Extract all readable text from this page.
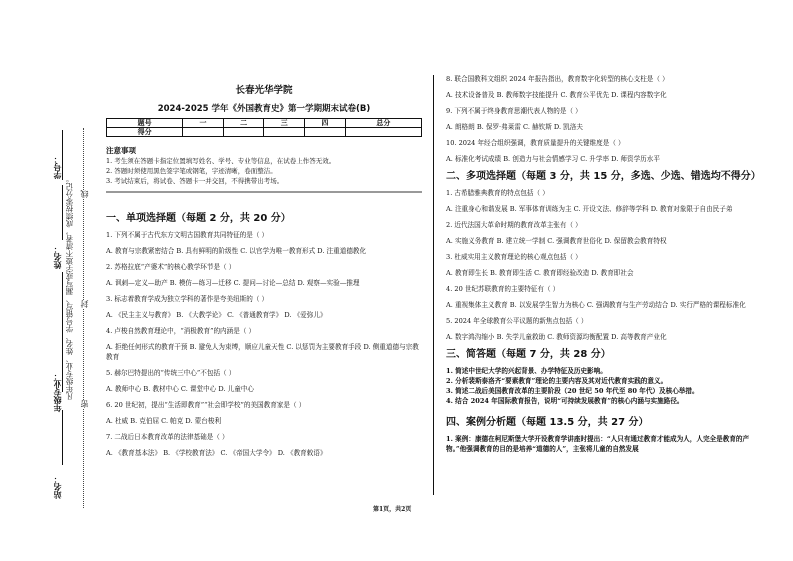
学号：
姓名：
年级专业：
站名：
凡年级专业、姓名、学号错写、漏写或字迹不清者，成绩按零分记。 线
封
密
长春光华学院
2024-2025 学年《外国教育史》第一学期期末试卷(B)
题号	一	二	三	四	总分
得分					
注意事项
1. 考生须在答题卡指定位置填写姓名、学号、专业等信息，在试卷上作答无效。
2. 答题时须使用黑色签字笔或钢笔，字迹清晰，卷面整洁。
3. 考试结束后，将试卷、答题卡一并交回，不得携带出考场。
一、单项选择题（每题 2 分，共 20 分）
1. 下列不属于古代东方文明古国教育共同特征的是（ ）
A. 教育与宗教紧密结合 B. 具有鲜明的阶级性 C. 以官学为唯一教育形式 D. 注重道德教化
2. 苏格拉底“产婆术”的核心教学环节是（ ）
A. 讽刺—定义—助产 B. 模仿—练习—迁移 C. 提问—讨论—总结 D. 观察—实验—推理
3. 标志着教育学成为独立学科的著作是夸美纽斯的（ ）
A. 《民主主义与教育》 B. 《大教学论》 C. 《普通教育学》 D. 《爱弥儿》
4. 卢梭自然教育理论中，“消极教育”的内涵是（ ）
A. 拒绝任何形式的教育干预 B. 避免人为束缚，顺应儿童天性 C. 以惩罚为主要教育手段 D. 侧重道德与宗教教育
5. 赫尔巴特提出的“传统三中心”不包括（ ）
A. 教师中心 B. 教材中心 C. 课堂中心 D. 儿童中心
6. 20 世纪初，提出“生活即教育”“社会即学校”的美国教育家是（ ）
A. 杜威 B. 克伯屈 C. 帕克 D. 蒙台梭利
7. 二战后日本教育改革的法律基础是（ ）
A. 《教育基本法》 B. 《学校教育法》 C. 《帝国大学令》 D. 《教育敕语》
8. 联合国教科文组织 2024 年报告指出，教育数字化转型的核心支柱是（ ）
A. 技术设备普及 B. 教师数字技能提升 C. 教育公平优先 D. 课程内容数字化
9. 下列不属于终身教育思潮代表人物的是（ ）
A. 朗格朗 B. 保罗·弗莱雷 C. 赫钦斯 D. 凯洛夫
10. 2024 年经合组织强调，教育质量提升的关键维度是（ ）
A. 标准化考试成绩 B. 创造力与社会情感学习 C. 升学率 D. 师资学历水平
二、多项选择题（每题 3 分，共 15 分，多选、少选、错选均不得分）
1. 古希腊雅典教育的特点包括（ ）
A. 注重身心和谐发展 B. 军事体育训练为主 C. 开设文法、修辞等学科 D. 教育对象限于自由民子弟
2. 近代法国大革命时期的教育改革主张有（ ）
A. 实施义务教育 B. 建立统一学制 C. 强调教育世俗化 D. 保留教会教育特权
3. 杜威实用主义教育理论的核心观点包括（ ）
A. 教育即生长 B. 教育即生活 C. 教育即经验改造 D. 教育即社会
4. 20 世纪苏联教育的主要特征有（ ）
A. 重视集体主义教育 B. 以发展学生智力为核心 C. 强调教育与生产劳动结合 D. 实行严格的课程标准化
5. 2024 年全球教育公平议题的新焦点包括（ ）
A. 数字鸿沟缩小 B. 失学儿童救助 C. 教师资源均衡配置 D. 高等教育产业化
三、简答题（每题 7 分，共 28 分）
1. 简述中世纪大学的兴起背景、办学特征及历史影响。
2. 分析裴斯泰洛齐“要素教育”理论的主要内容及其对近代教育实践的意义。
3. 简述二战后美国教育改革的主要阶段（20 世纪 50 年代至 80 年代）及核心举措。
4. 结合 2024 年国际教育报告，说明“可持续发展教育”的核心内涵与实施路径。
四、案例分析题（每题 13.5 分，共 27 分）
1. 案例：康德在柯尼斯堡大学开设教育学讲座时提出：“人只有通过教育才能成为人，人完全是教育的产物。”他强调教育的目的是培养“道德的人”，主张将儿童的自然发展
第1页，共2页
